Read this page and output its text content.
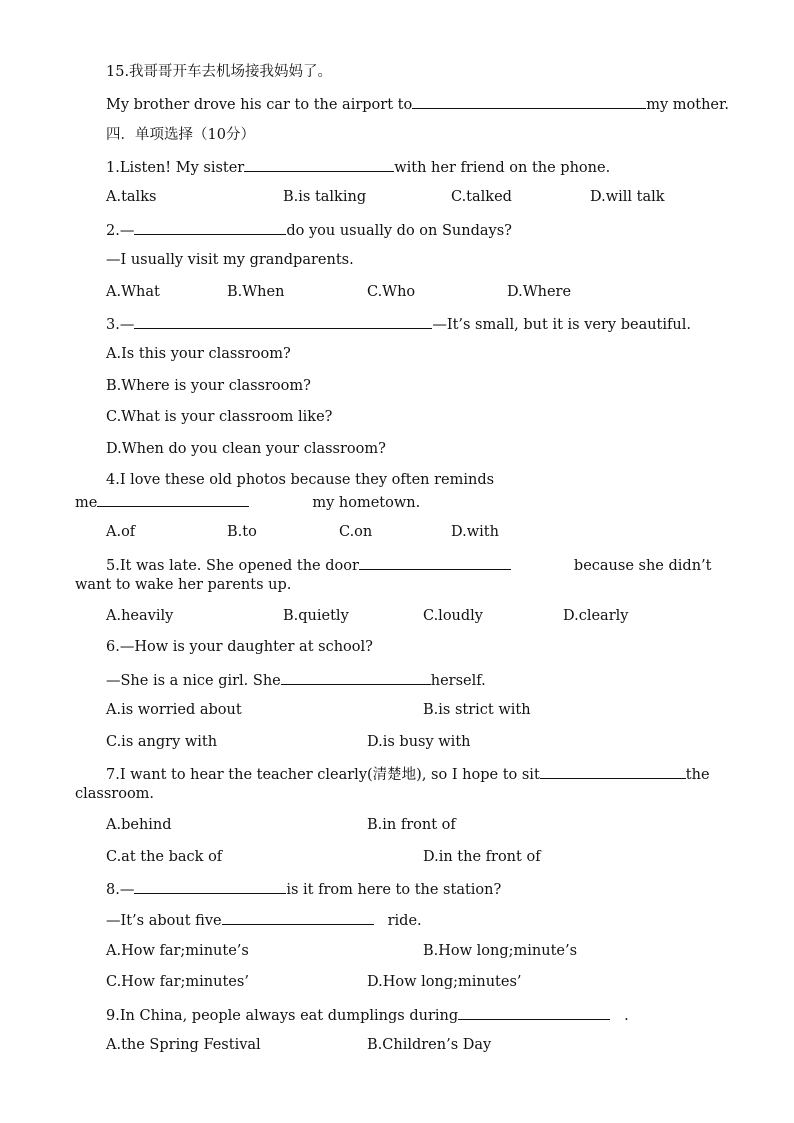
15.我哥哥开车去机场接我妈妈了。
My brother drove his car to the airport to	my mother.
四．单项选择（10分）
1.Listen! My sister	with her friend on the phone.
A.talks	B.is talking	C.talked	D.will talk
2.—	do you usually do on Sundays?
—I usually visit my grandparents.
A.What	B.When	C.Who	D.Where
3.—	—It’s small, but it is very beautiful.
A.Is this your classroom?
B.Where is your classroom?
C.What is your classroom like?
D.When do you clean your classroom?
4.I love these old photos because they often reminds
me	my hometown.
A.of	B.to	C.on	D.with
5.It was late. She opened the door	because she didn’t
want to wake her parents up.
A.heavily	B.quietly	C.loudly	D.clearly
6.—How is your daughter at school?
—She is a nice girl. She	herself.
A.is worried about	B.is strict with
C.is angry with	D.is busy with
7.I want to hear the teacher clearly(清楚地), so I hope to sit	the
classroom.
A.behind	B.in front of
C.at the back of	D.in the front of
8.—	is it from here to the station?
—It’s about five	ride.
A.How far;minute’s	B.How long;minute’s
C.How far;minutes’	D.How long;minutes’
9.In China, people always eat dumplings during	.
A.the Spring Festival	B.Children’s Day
